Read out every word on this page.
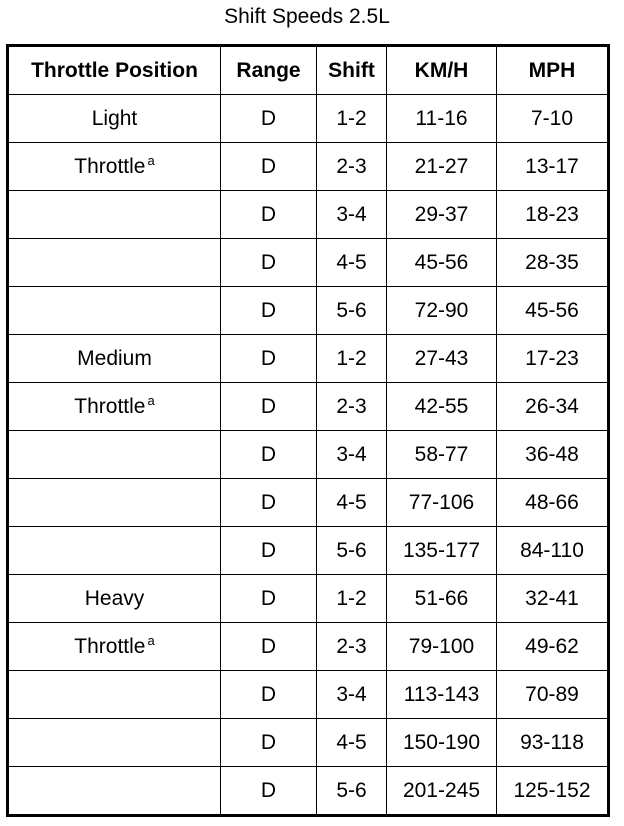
Shift Speeds 2.5L
Throttle Position	Range	Shift	KM/H	MPH
Light	D	1-2	11-16	7-10
Throttle $^a$	D	2-3	21-27	13-17
	D	3-4	29-37	18-23
	D	4-5	45-56	28-35
	D	5-6	72-90	45-56
Medium	D	1-2	27-43	17-23
Throttle $^a$	D	2-3	42-55	26-34
	D	3-4	58-77	36-48
	D	4-5	77-106	48-66
	D	5-6	135-177	84-110
Heavy	D	1-2	51-66	32-41
Throttle $^a$	D	2-3	79-100	49-62
	D	3-4	113-143	70-89
	D	4-5	150-190	93-118
	D	5-6	201-245	125-152
